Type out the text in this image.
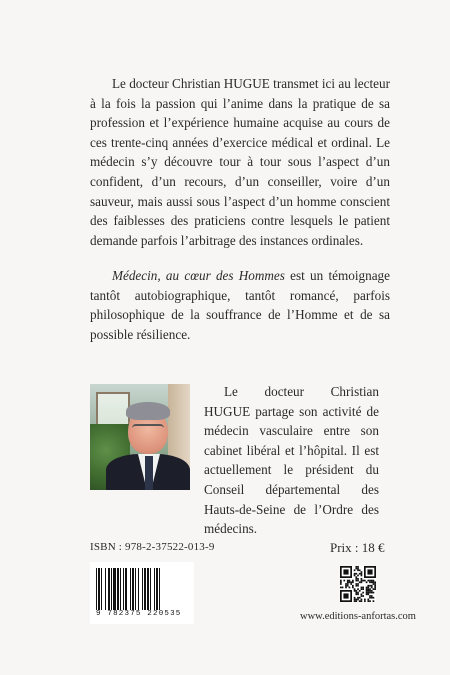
Le docteur Christian HUGUE transmet ici au lecteur à la fois la passion qui l’anime dans la pratique de sa profession et l’expérience humaine acquise au cours de ces trente-cinq années d’exercice médical et ordinal. Le médecin s’y découvre tour à tour sous l’aspect d’un confident, d’un recours, d’un conseiller, voire d’un sauveur, mais aussi sous l’aspect d’un homme conscient des faiblesses des praticiens contre lesquels le patient demande parfois l’arbitrage des instances ordinales.

Médecin, au cœur des Hommes est un témoignage tantôt autobiographique, tantôt romancé, parfois philosophique de la souffrance de l’Homme et de sa possible résilience.

Le docteur Christian HUGUE partage son activité de médecin vasculaire entre son cabinet libéral et l’hôpital. Il est actuellement le président du Conseil départemental des Hauts-de-Seine de l’Ordre des médecins.

ISBN : 978-2-37522-013-9	Prix : 18 €
9 782375 220535	www.editions-anfortas.com
